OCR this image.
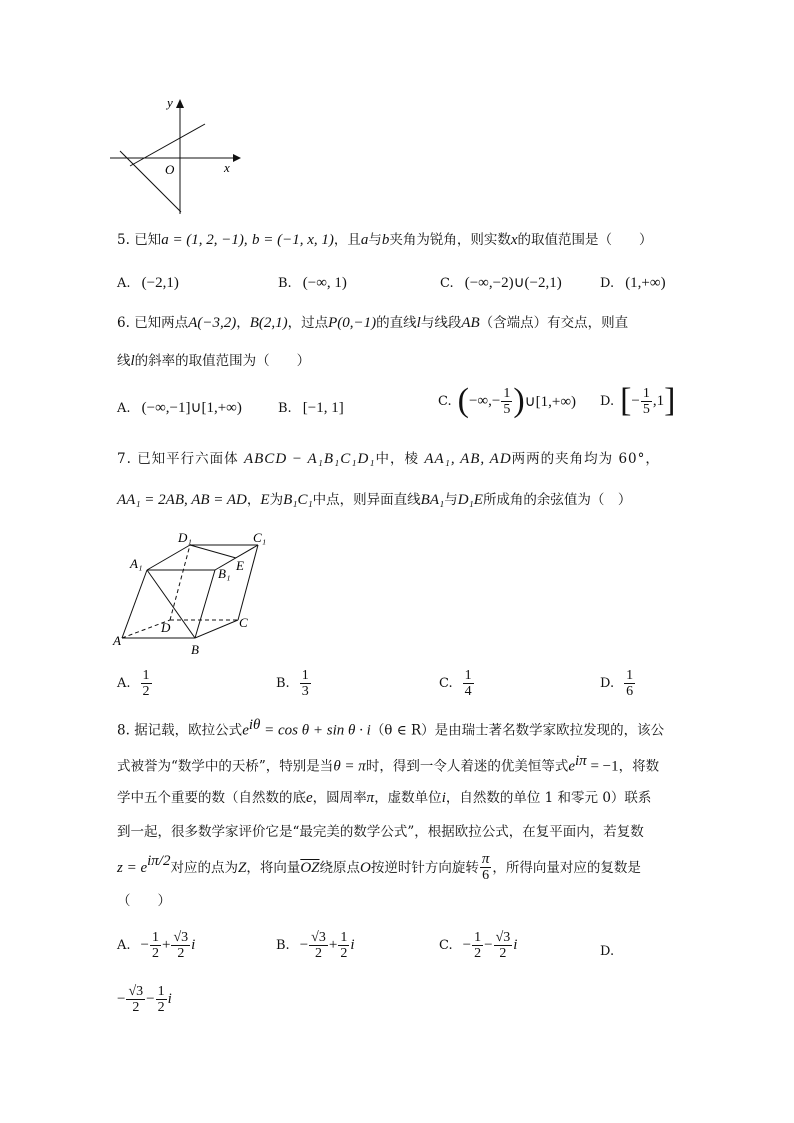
y
x
O
5. 已知a = (1, 2, −1), b = (−1, x, 1)，且a与b夹角为锐角，则实数x的取值范围是（　　）
A. (−2,1)	B. (−∞, 1)	C. (−∞,−2)∪(−2,1)	D. (1,+∞)
6. 已知两点A(−3,2)，B(2,1)，过点P(0,−1)的直线l与线段AB（含端点）有交点，则直
线l的斜率的取值范围为（　　）
A. (−∞,−1]∪[1,+∞)	B. [−1, 1]	C. ( −∞,− $\frac{1}{5}$ ) ∪[1,+∞) D. [ − $\frac{1}{5} ,1$ ]
7. 已知平行六面体 ABCD − A₁B₁C₁D₁中，棱 AA₁, AB, AD两两的夹角均为 60°，
AA₁ = 2AB, AB = AD，E为B₁C₁中点，则异面直线BA₁与D₁E所成角的余弦值为（　）
D₁	C₁
A₁
B₁
E
D	C
A
B
A. $\frac{1}{2}$	B. $\frac{1}{3}$	C. $\frac{1}{4}$	D. $\frac{1}{6}$
8. 据记载，欧拉公式$e^{i\theta} = \cos \theta + \sin \theta \cdot i(\theta$ ∈ R）是由瑞士著名数学家欧拉发现的，该公
式被誉为“数学中的天桥”，特别是当θ = π时，得到一令人着迷的优美恒等式$e^{i\pi} = -1$，将数
学中五个重要的数（自然数的底e，圆周率π，虚数单位i，自然数的单位 1 和零元 0）联系
到一起，很多数学家评价它是“最完美的数学公式”，根据欧拉公式，在复平面内，若复数
$z = e^{i\pi/2}$ 对应的点为 Z ，将向量 $\overline{OZ}$ 绕原点 O 按逆时针方向旋转 $\frac{\pi}{6}$ ，所得向量对应的复数是
（　　）
A. − $\frac{1}{2} + \frac{√3}{2}$ i	B. − $\frac{√3}{2} + \frac{1}{2}$ i	C. − $\frac{1}{2} - \frac{√3}{2}$ i	D.
− $\frac{√3}{2} - \frac{1}{2}$ i
